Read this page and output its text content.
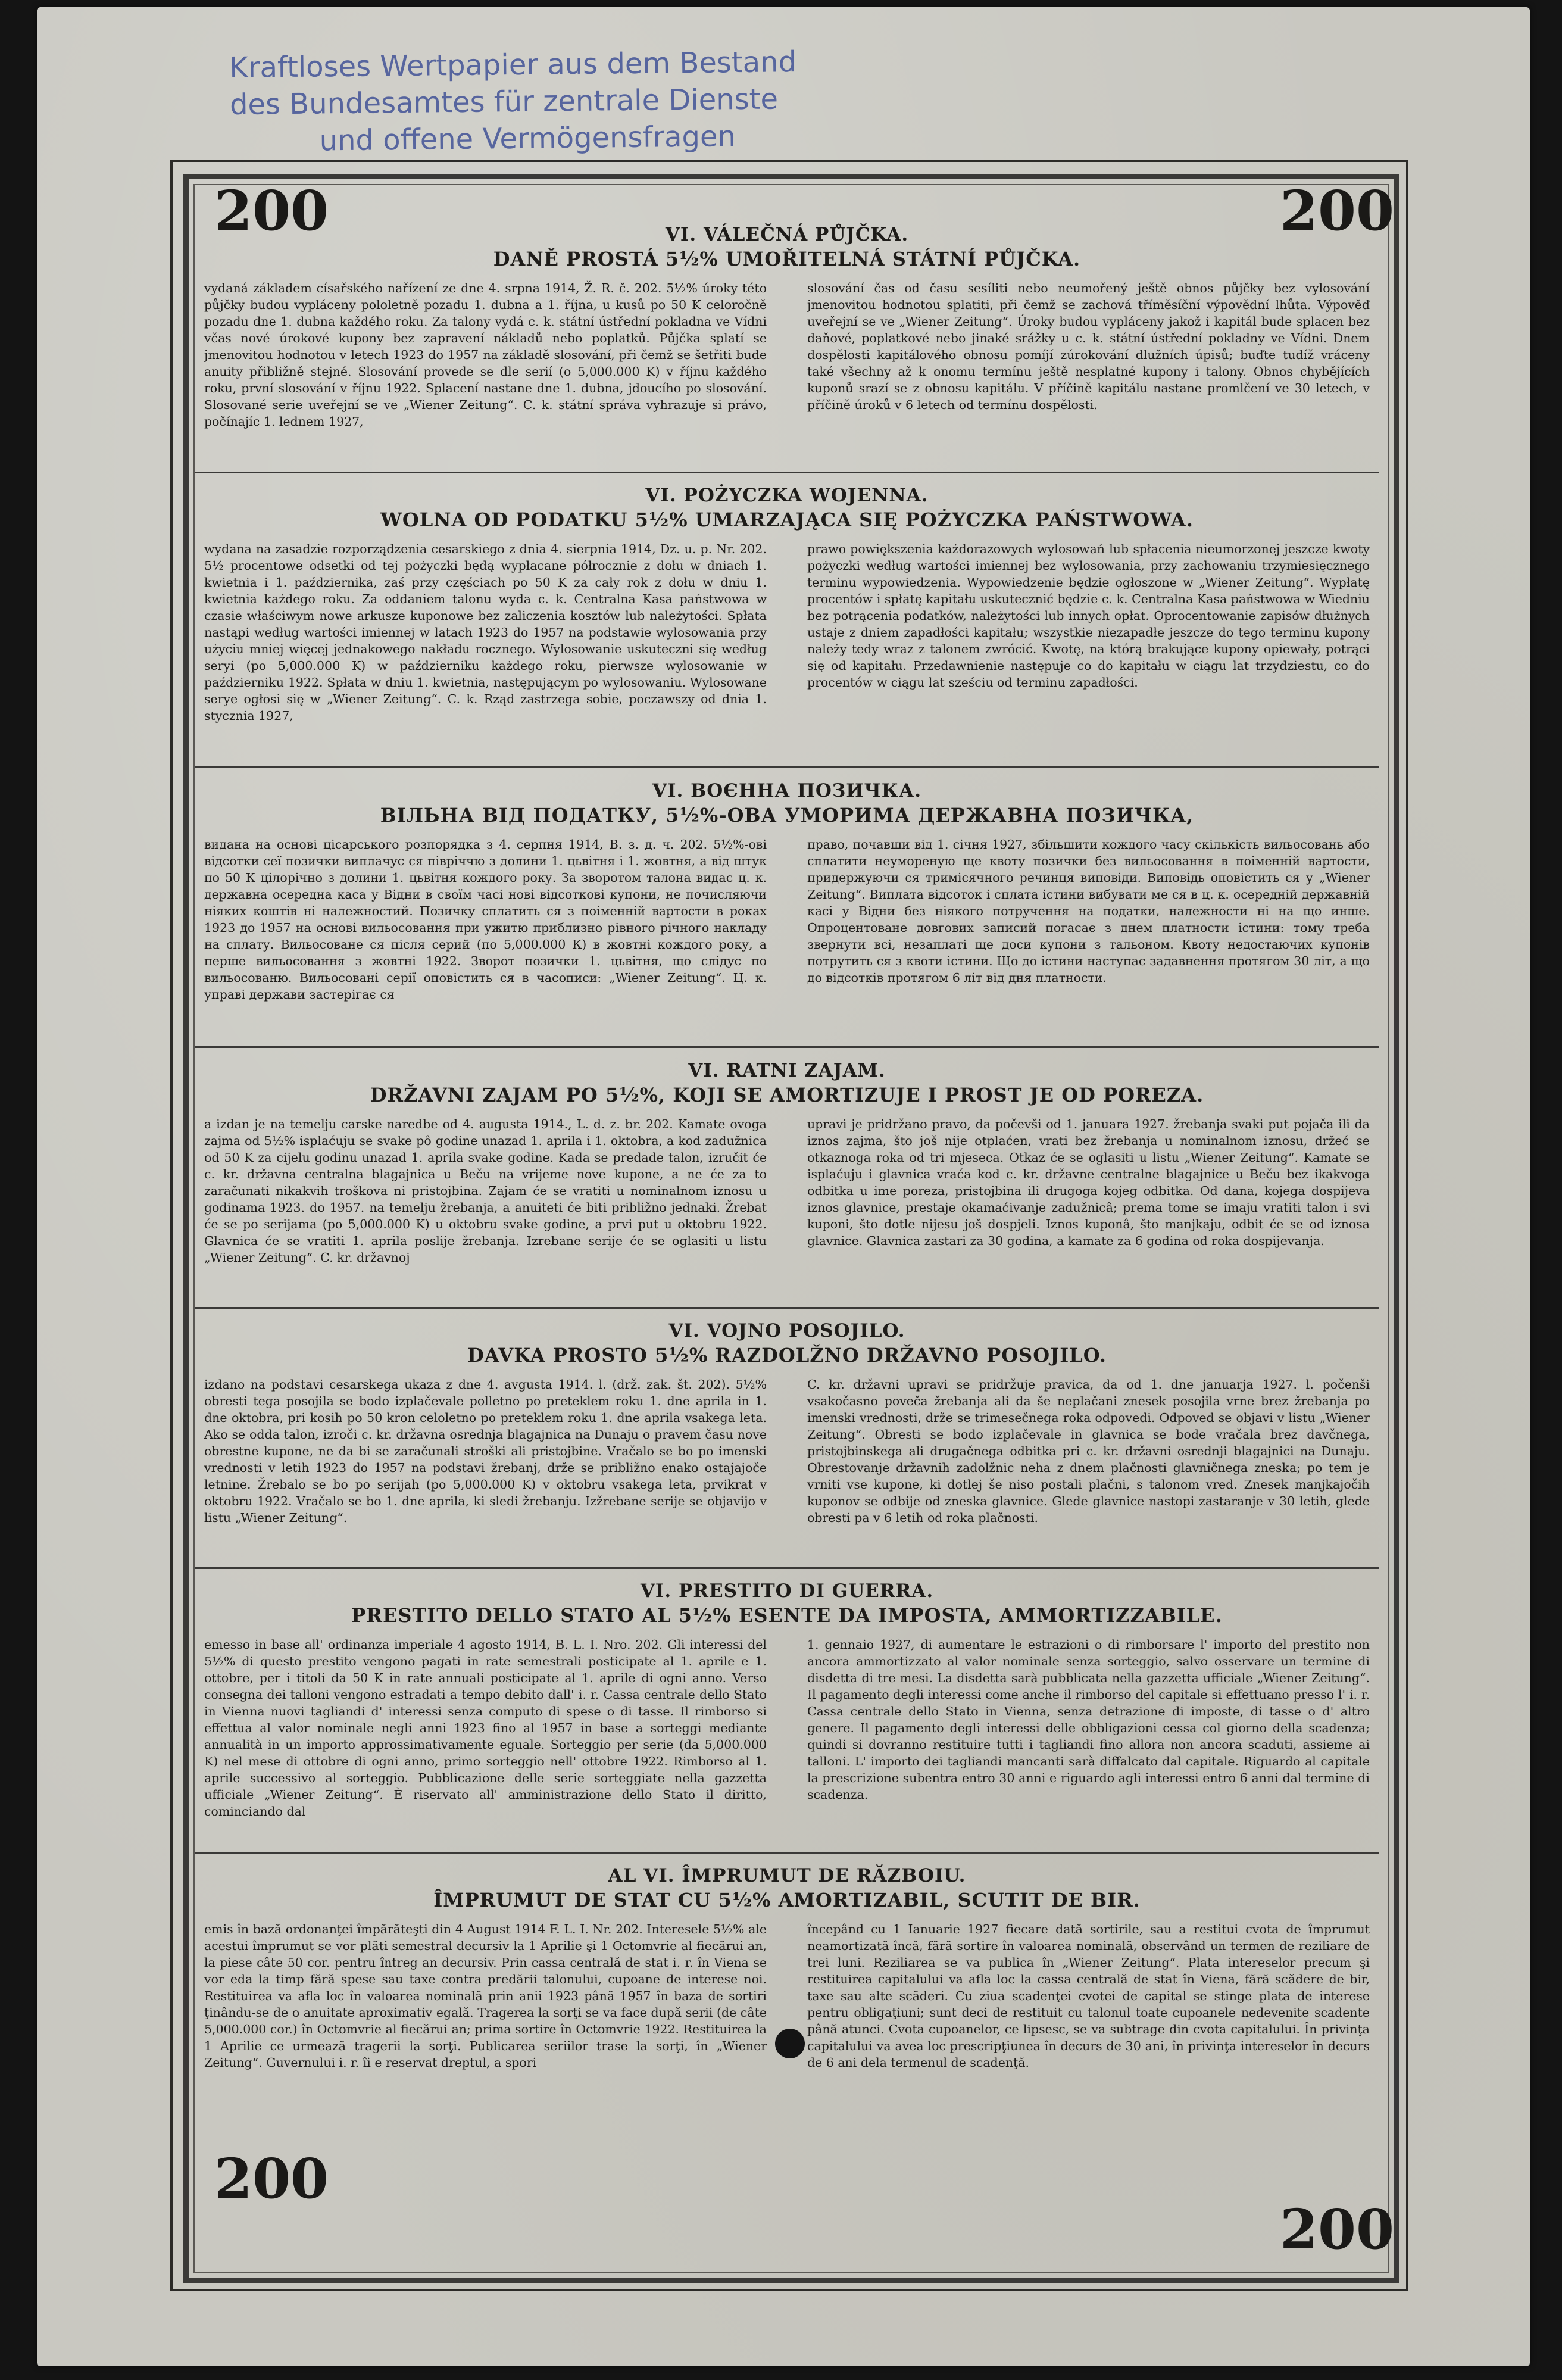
Kraftloses Wertpapier aus dem Bestand
des Bundesamtes für zentrale Dienste
und offene Vermögensfragen
200	200
200
200
VI. VÁLEČNÁ PŮJČKA.
DANĚ PROSTÁ 5½% UMOŘITELNÁ STÁTNÍ PŮJČKA.
vydaná základem císařského nařízení ze dne 4. srpna 1914, Ž. R. č. 202. 5½% úroky této půjčky budou vypláceny pololetně pozadu 1. dubna a 1. října, u kusů po 50 K celoročně pozadu dne 1. dubna každého roku. Za talony vydá c. k. státní ústřední pokladna ve Vídni včas nové úrokové kupony bez zapravení nákladů nebo poplatků. Půjčka splatí se jmenovitou hodnotou v letech 1923 do 1957 na základě slosování, při čemž se šetřiti bude anuity přibližně stejné. Slosování provede se dle serií (o 5,000.000 K) v říjnu každého roku, první slosování v říjnu 1922. Splacení nastane dne 1. dubna, jdoucího po slosování. Slosované serie uveřejní se ve „Wiener Zeitung“. C. k. státní správa vyhrazuje si právo, počínajíc 1. lednem 1927,
slosování čas od času sesíliti nebo neumořený ještě obnos půjčky bez vylosování jmenovitou hodnotou splatiti, při čemž se zachová tříměsíční výpovědní lhůta. Výpověď uveřejní se ve „Wiener Zeitung“. Úroky budou vypláceny jakož i kapitál bude splacen bez daňové, poplatkové nebo jinaké srážky u c. k. státní ústřední pokladny ve Vídni. Dnem dospělosti kapitálového obnosu pomíjí zúrokování dlužních úpisů; buďte tudíž vráceny také všechny až k onomu termínu ještě nesplatné kupony i talony. Obnos chybějících kuponů srazí se z obnosu kapitálu. V příčině kapitálu nastane promlčení ve 30 letech, v příčině úroků v 6 letech od termínu dospělosti.
VI. POŻYCZKA WOJENNA.
WOLNA OD PODATKU 5½% UMARZAJĄCA SIĘ POŻYCZKA PAŃSTWOWA.
wydana na zasadzie rozporządzenia cesarskiego z dnia 4. sierpnia 1914, Dz. u. p. Nr. 202. 5½ procentowe odsetki od tej pożyczki będą wypłacane półrocznie z dołu w dniach 1. kwietnia i 1. października, zaś przy częściach po 50 K za cały rok z dołu w dniu 1. kwietnia każdego roku. Za oddaniem talonu wyda c. k. Centralna Kasa państwowa w czasie właściwym nowe arkusze kuponowe bez zaliczenia kosztów lub należytości. Spłata nastąpi według wartości imiennej w latach 1923 do 1957 na podstawie wylosowania przy użyciu mniej więcej jednakowego nakładu rocznego. Wylosowanie uskuteczni się według seryi (po 5,000.000 K) w październiku każdego roku, pierwsze wylosowanie w październiku 1922. Spłata w dniu 1. kwietnia, następującym po wylosowaniu. Wylosowane serye ogłosi się w „Wiener Zeitung“. C. k. Rząd zastrzega sobie, poczawszy od dnia 1. stycznia 1927,
prawo powiększenia każdorazowych wylosowań lub spłacenia nieumorzonej jeszcze kwoty pożyczki według wartości imiennej bez wylosowania, przy zachowaniu trzymiesięcznego terminu wypowiedzenia. Wypowiedzenie będzie ogłoszone w „Wiener Zeitung“. Wypłatę procentów i spłatę kapitału uskutecznić będzie c. k. Centralna Kasa państwowa w Wiedniu bez potrącenia podatków, należytości lub innych opłat. Oprocentowanie zapisów dłużnych ustaje z dniem zapadłości kapitału; wszystkie niezapadłe jeszcze do tego terminu kupony należy tedy wraz z talonem zwrócić. Kwotę, na którą brakujące kupony opiewały, potrąci się od kapitału. Przedawnienie następuje co do kapitału w ciągu lat trzydziestu, co do procentów w ciągu lat sześciu od terminu zapadłości.
VI. ВОЄННА ПОЗИЧКА.
ВІЛЬНА ВІД ПОДАТКУ, 5½%-ОВА УМОРИМА ДЕРЖАВНА ПОЗИЧКА,
видана на основі цісарського розпорядка з 4. серпня 1914, В. з. д. ч. 202. 5½%-ові відсотки сеї позички виплачує ся півріччю з долини 1. цьвітня і 1. жовтня, а від штук по 50 К цілорічно з долини 1. цьвітня кождого року. За зворотом талона видас ц. к. державна осередна каса у Відни в своїм часі нові відсоткові купони, не почисляючи ніяких коштів ні належностий. Позичку сплатить ся з поіменній вартости в роках 1923 до 1957 на основі вильосовання при ужитю приблизно рівного річного накладу на сплату. Вильосоване ся після серий (по 5,000.000 К) в жовтні кождого року, а перше вильосовання з жовтні 1922. Зворот позички 1. цьвітня, що слідує по вильосованю. Вильосовані серії оповістить ся в часописи: „Wiener Zeitung“. Ц. к. управі держави застерігає ся
право, почавши від 1. січня 1927, збільшити кождого часу скількість вильосовань або сплатити неумореную ще квоту позички без вильосовання в поіменній вартости, придержуючи ся тримісячного речинця виповіди. Виповідь оповістить ся у „Wiener Zeitung“. Виплата відсоток і сплата істини вибувати ме ся в ц. к. осередній державній касі у Відни без ніякого потручення на податки, належности ні на що инше. Опроцентоване довгових записий погасає з днем платности істини: тому треба звернути всі, незаплаті ще доси купони з тальоном. Квоту недостаючих купонів потрутить ся з квоти істини. Що до істини наступає задавнення протягом 30 літ, а що до відсотків протягом 6 літ від дня платности.
VI. RATNI ZAJAM.
DRŽAVNI ZAJAM PO 5½%, KOJI SE AMORTIZUJE I PROST JE OD POREZA.
a izdan je na temelju carske naredbe od 4. augusta 1914., L. d. z. br. 202. Kamate ovoga zajma od 5½% isplaćuju se svake pô godine unazad 1. aprila i 1. oktobra, a kod zadužnica od 50 K za cijelu godinu unazad 1. aprila svake godine. Kada se predade talon, izručit će c. kr. državna centralna blagajnica u Beču na vrijeme nove kupone, a ne će za to zaračunati nikakvih troškova ni pristojbina. Zajam će se vratiti u nominalnom iznosu u godinama 1923. do 1957. na temelju žrebanja, a anuiteti će biti približno jednaki. Žrebat će se po serijama (po 5,000.000 K) u oktobru svake godine, a prvi put u oktobru 1922. Glavnica će se vratiti 1. aprila poslije žrebanja. Izrebane serije će se oglasiti u listu „Wiener Zeitung“. C. kr. državnoj
upravi je pridržano pravo, da počevši od 1. januara 1927. žrebanja svaki put pojača ili da iznos zajma, što još nije otplaćen, vrati bez žrebanja u nominalnom iznosu, držeć se otkaznoga roka od tri mjeseca. Otkaz će se oglasiti u listu „Wiener Zeitung“. Kamate se isplaćuju i glavnica vraća kod c. kr. državne centralne blagajnice u Beču bez ikakvoga odbitka u ime poreza, pristojbina ili drugoga kojeg odbitka. Od dana, kojega dospijeva iznos glavnice, prestaje okamaćivanje zadužnicâ; prema tome se imaju vratiti talon i svi kuponi, što dotle nijesu još dospjeli. Iznos kuponâ, što manjkaju, odbit će se od iznosa glavnice. Glavnica zastari za 30 godina, a kamate za 6 godina od roka dospijevanja.
VI. VOJNO POSOJILO.
DAVKA PROSTO 5½% RAZDOLŽNO DRŽAVNO POSOJILO.
izdano na podstavi cesarskega ukaza z dne 4. avgusta 1914. l. (drž. zak. št. 202). 5½% obresti tega posojila se bodo izplačevale polletno po preteklem roku 1. dne aprila in 1. dne oktobra, pri kosih po 50 kron celoletno po preteklem roku 1. dne aprila vsakega leta. Ako se odda talon, izroči c. kr. državna osrednja blagajnica na Dunaju o pravem času nove obrestne kupone, ne da bi se zaračunali stroški ali pristojbine. Vračalo se bo po imenski vrednosti v letih 1923 do 1957 na podstavi žrebanj, drže se približno enako ostajajoče letnine. Žrebalo se bo po serijah (po 5,000.000 K) v oktobru vsakega leta, prvikrat v oktobru 1922. Vračalo se bo 1. dne aprila, ki sledi žrebanju. Izžrebane serije se objavijo v listu „Wiener Zeitung“.
C. kr. državni upravi se pridržuje pravica, da od 1. dne januarja 1927. l. počenši vsakočasno poveča žrebanja ali da še neplačani znesek posojila vrne brez žrebanja po imenski vrednosti, drže se trimesečnega roka odpovedi. Odpoved se objavi v listu „Wiener Zeitung“. Obresti se bodo izplačevale in glavnica se bode vračala brez davčnega, pristojbinskega ali drugačnega odbitka pri c. kr. državni osrednji blagajnici na Dunaju. Obrestovanje državnih zadolžnic neha z dnem plačnosti glavničnega zneska; po tem je vrniti vse kupone, ki dotlej še niso postali plačni, s talonom vred. Znesek manjkajočih kuponov se odbije od zneska glavnice. Glede glavnice nastopi zastaranje v 30 letih, glede obresti pa v 6 letih od roka plačnosti.
VI. PRESTITO DI GUERRA.
PRESTITO DELLO STATO AL 5½% ESENTE DA IMPOSTA, AMMORTIZZABILE.
emesso in base all' ordinanza imperiale 4 agosto 1914, B. L. I. Nro. 202. Gli interessi del 5½% di questo prestito vengono pagati in rate semestrali posticipate al 1. aprile e 1. ottobre, per i titoli da 50 K in rate annuali posticipate al 1. aprile di ogni anno. Verso consegna dei talloni vengono estradati a tempo debito dall' i. r. Cassa centrale dello Stato in Vienna nuovi tagliandi d' interessi senza computo di spese o di tasse. Il rimborso si effettua al valor nominale negli anni 1923 fino al 1957 in base a sorteggi mediante annualità in un importo approssimativamente eguale. Sorteggio per serie (da 5,000.000 K) nel mese di ottobre di ogni anno, primo sorteggio nell' ottobre 1922. Rimborso al 1. aprile successivo al sorteggio. Pubblicazione delle serie sorteggiate nella gazzetta ufficiale „Wiener Zeitung“. È riservato all' amministrazione dello Stato il diritto, cominciando dal
1. gennaio 1927, di aumentare le estrazioni o di rimborsare l' importo del prestito non ancora ammortizzato al valor nominale senza sorteggio, salvo osservare un termine di disdetta di tre mesi. La disdetta sarà pubblicata nella gazzetta ufficiale „Wiener Zeitung“. Il pagamento degli interessi come anche il rimborso del capitale si effettuano presso l' i. r. Cassa centrale dello Stato in Vienna, senza detrazione di imposte, di tasse o d' altro genere. Il pagamento degli interessi delle obbligazioni cessa col giorno della scadenza; quindi si dovranno restituire tutti i tagliandi fino allora non ancora scaduti, assieme ai talloni. L' importo dei tagliandi mancanti sarà diffalcato dal capitale. Riguardo al capitale la prescrizione subentra entro 30 anni e riguardo agli interessi entro 6 anni dal termine di scadenza.
AL VI. ÎMPRUMUT DE RĂZBOIU.
ÎMPRUMUT DE STAT CU 5½% AMORTIZABIL, SCUTIT DE BIR.
emis în bază ordonanţei împărăteşti din 4 August 1914 F. L. I. Nr. 202. Interesele 5½% ale acestui împrumut se vor plăti semestral decursiv la 1 Aprilie şi 1 Octomvrie al fiecărui an, la piese câte 50 cor. pentru întreg an decursiv. Prin cassa centrală de stat i. r. în Viena se vor eda la timp fără spese sau taxe contra predării talonului, cupoane de interese noi. Restituirea va afla loc în valoarea nominală prin anii 1923 până 1957 în baza de sortiri ţinându-se de o anuitate aproximativ egală. Tragerea la sorţi se va face după serii (de câte 5,000.000 cor.) în Octomvrie al fiecărui an; prima sortire în Octomvrie 1922. Restituirea la 1 Aprilie ce urmează tragerii la sorţi. Publicarea seriilor trase la sorţi, în „Wiener Zeitung“. Guvernului i. r. îi e reservat dreptul, a spori
începând cu 1 Ianuarie 1927 fiecare dată sortirile, sau a restitui cvota de împrumut neamortizată încă, fără sortire în valoarea nominală, observând un termen de reziliare de trei luni. Reziliarea se va publica în „Wiener Zeitung“. Plata intereselor precum şi restituirea capitalului va afla loc la cassa centrală de stat în Viena, fără scădere de bir, taxe sau alte scăderi. Cu ziua scadenţei cvotei de capital se stinge plata de interese pentru obligaţiuni; sunt deci de restituit cu talonul toate cupoanele nedevenite scadente până atunci. Cvota cupoanelor, ce lipsesc, se va subtrage din cvota capitalului. În privinţa capitalului va avea loc prescripţiunea în decurs de 30 ani, în privinţa intereselor în decurs de 6 ani dela termenul de scadenţă.
